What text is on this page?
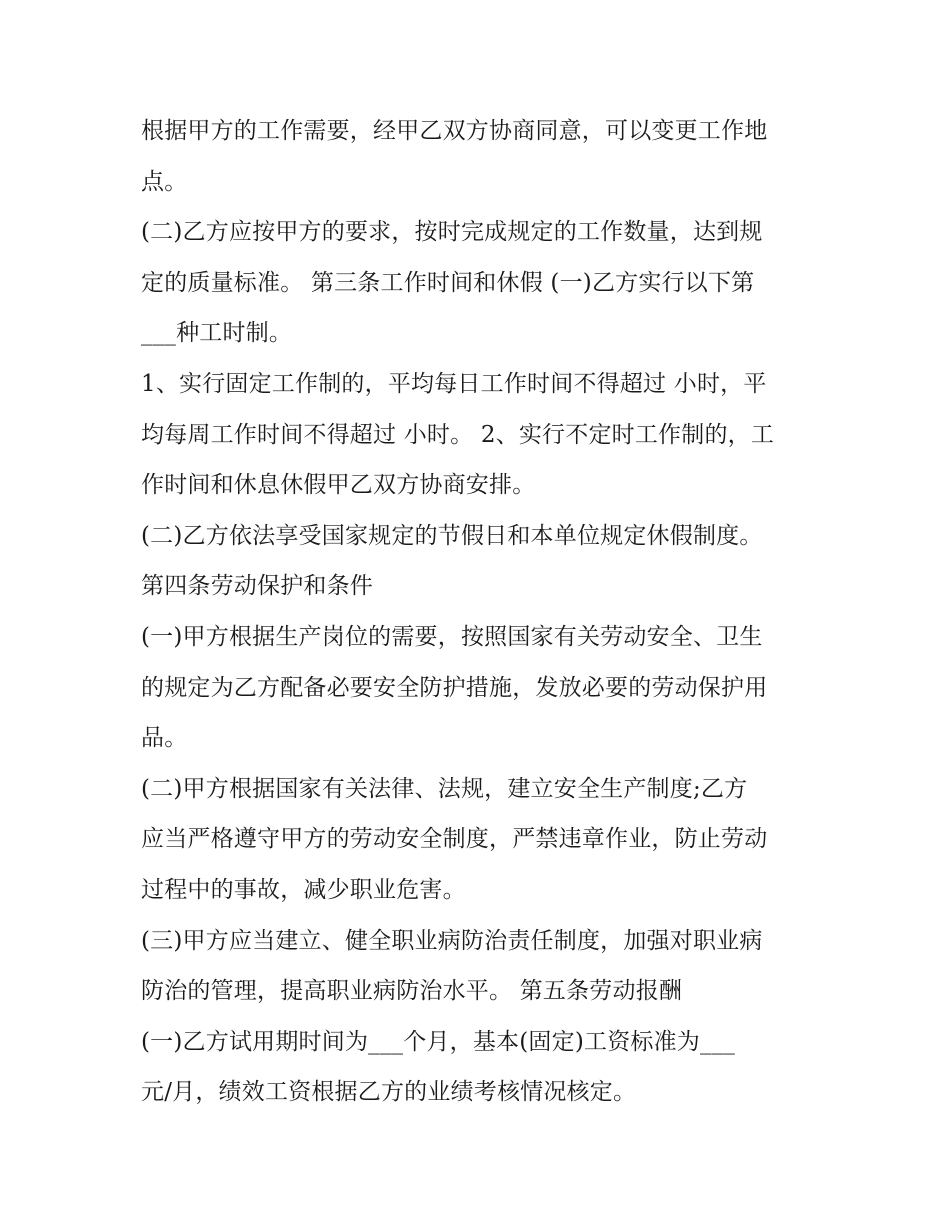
根据甲方的工作需要，经甲乙双方协商同意，可以变更工作地
点。
(二)乙方应按甲方的要求，按时完成规定的工作数量，达到规
定的质量标准。 第三条工作时间和休假 (一)乙方实行以下第
___种工时制。
1、实行固定工作制的，平均每日工作时间不得超过 小时，平
均每周工作时间不得超过 小时。 2、实行不定时工作制的，工
作时间和休息休假甲乙双方协商安排。
(二)乙方依法享受国家规定的节假日和本单位规定休假制度。
第四条劳动保护和条件
(一)甲方根据生产岗位的需要，按照国家有关劳动安全、卫生
的规定为乙方配备必要安全防护措施，发放必要的劳动保护用
品。
(二)甲方根据国家有关法律、法规，建立安全生产制度;乙方
应当严格遵守甲方的劳动安全制度，严禁违章作业，防止劳动
过程中的事故，减少职业危害。
(三)甲方应当建立、健全职业病防治责任制度，加强对职业病
防治的管理，提高职业病防治水平。 第五条劳动报酬
(一)乙方试用期时间为___个月，基本(固定)工资标准为___
元/月，绩效工资根据乙方的业绩考核情况核定。
